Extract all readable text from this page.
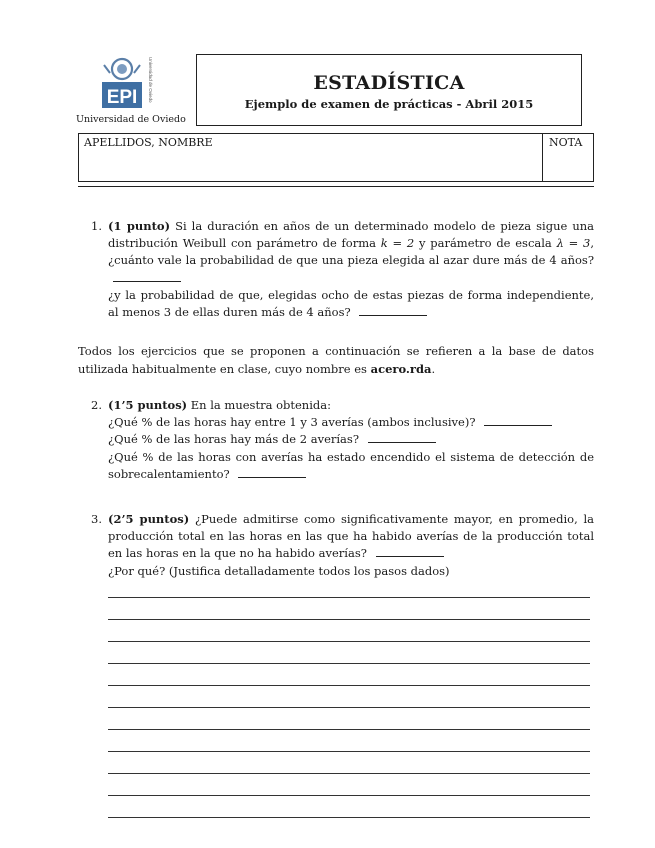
EPI Universidad de Oviedo
Universidad de Oviedo
ESTADÍSTICA
Ejemplo de examen de prácticas - Abril 2015
APELLIDOS, NOMBRE	NOTA
1. (1 punto) Si la duración en años de un determinado modelo de pieza sigue una distribución Weibull con parámetro de forma k = 2 y parámetro de escala λ = 3, ¿cuánto vale la probabilidad de que una pieza elegida al azar dure más de 4 años?
¿y la probabilidad de que, elegidas ocho de estas piezas de forma independiente, al menos 3 de ellas duren más de 4 años?
Todos los ejercicios que se proponen a continuación se refieren a la base de datos utilizada habitualmente en clase, cuyo nombre es acero.rda.
2. (1’5 puntos) En la muestra obtenida:
¿Qué % de las horas hay entre 1 y 3 averías (ambos inclusive)?
¿Qué % de las horas hay más de 2 averías?
¿Qué % de las horas con averías ha estado encendido el sistema de detección de sobrecalentamiento?
3. (2’5 puntos) ¿Puede admitirse como significativamente mayor, en promedio, la producción total en las horas en las que ha habido averías de la producción total en las horas en la que no ha habido averías?
¿Por qué? (Justifica detalladamente todos los pasos dados)
